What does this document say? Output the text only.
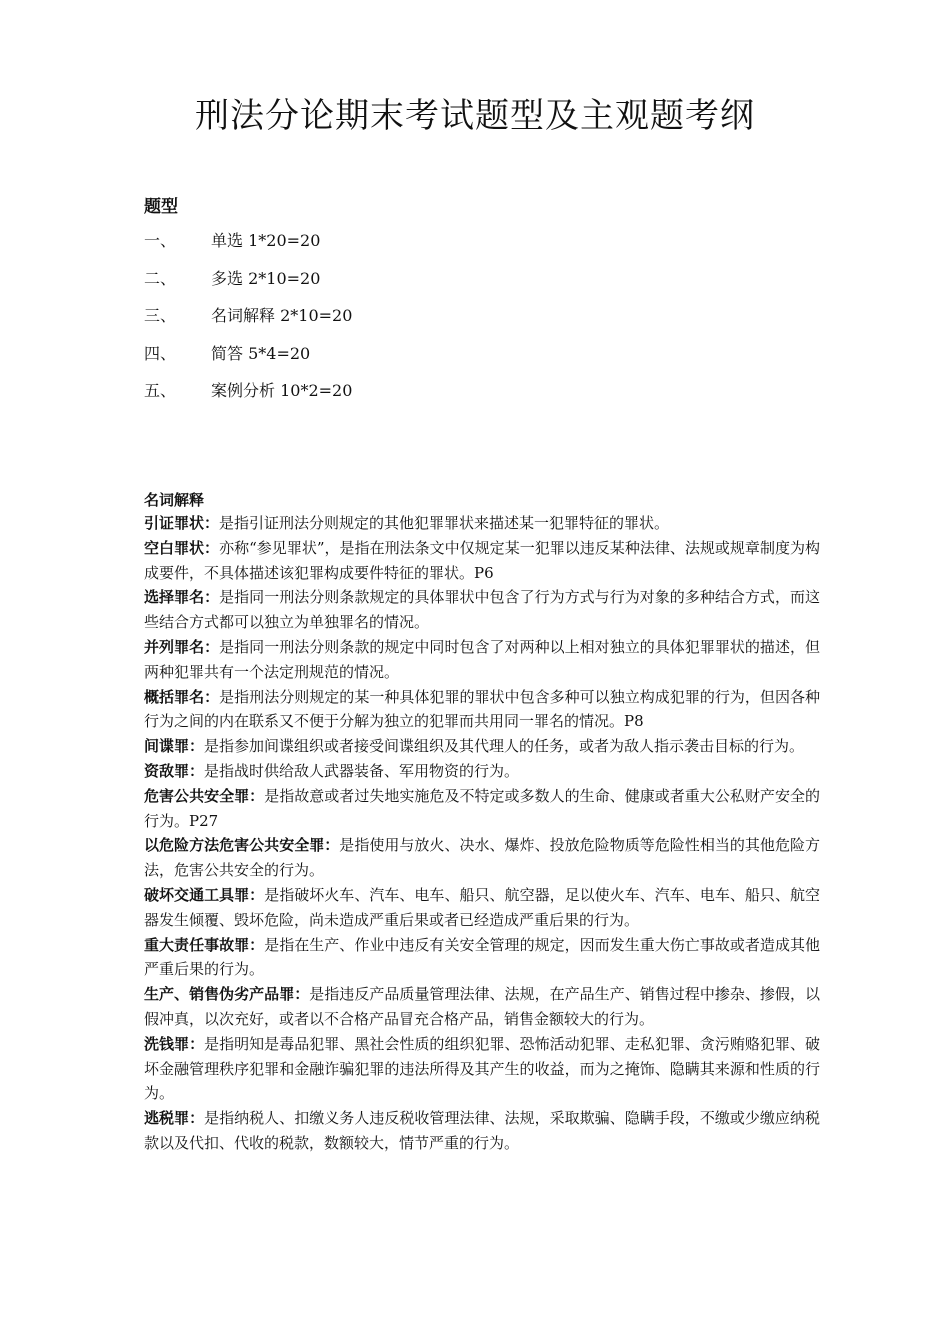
刑法分论期末考试题型及主观题考纲
题型
一、	单选 1*20=20
二、	多选 2*10=20
三、	名词解释 2*10=20
四、	简答 5*4=20
五、	案例分析 10*2=20
名词解释

引证罪状：是指引证刑法分则规定的其他犯罪罪状来描述某一犯罪特征的罪状。

空白罪状：亦称“参见罪状”，是指在刑法条文中仅规定某一犯罪以违反某种法律、法规或规章制度为构成要件，不具体描述该犯罪构成要件特征的罪状。P6

选择罪名：是指同一刑法分则条款规定的具体罪状中包含了行为方式与行为对象的多种结合方式，而这些结合方式都可以独立为单独罪名的情况。

并列罪名：是指同一刑法分则条款的规定中同时包含了对两种以上相对独立的具体犯罪罪状的描述，但两种犯罪共有一个法定刑规范的情况。

概括罪名：是指刑法分则规定的某一种具体犯罪的罪状中包含多种可以独立构成犯罪的行为，但因各种行为之间的内在联系又不便于分解为独立的犯罪而共用同一罪名的情况。P8

间谍罪：是指参加间谍组织或者接受间谍组织及其代理人的任务，或者为敌人指示袭击目标的行为。

资敌罪：是指战时供给敌人武器装备、军用物资的行为。

危害公共安全罪：是指故意或者过失地实施危及不特定或多数人的生命、健康或者重大公私财产安全的行为。P27

以危险方法危害公共安全罪：是指使用与放火、决水、爆炸、投放危险物质等危险性相当的其他危险方法，危害公共安全的行为。

破坏交通工具罪：是指破坏火车、汽车、电车、船只、航空器，足以使火车、汽车、电车、船只、航空器发生倾覆、毁坏危险，尚未造成严重后果或者已经造成严重后果的行为。

重大责任事故罪：是指在生产、作业中违反有关安全管理的规定，因而发生重大伤亡事故或者造成其他严重后果的行为。

生产、销售伪劣产品罪：是指违反产品质量管理法律、法规，在产品生产、销售过程中掺杂、掺假，以假冲真，以次充好，或者以不合格产品冒充合格产品，销售金额较大的行为。

洗钱罪：是指明知是毒品犯罪、黑社会性质的组织犯罪、恐怖活动犯罪、走私犯罪、贪污贿赂犯罪、破坏金融管理秩序犯罪和金融诈骗犯罪的违法所得及其产生的收益，而为之掩饰、隐瞒其来源和性质的行为。

逃税罪：是指纳税人、扣缴义务人违反税收管理法律、法规，采取欺骗、隐瞒手段，不缴或少缴应纳税款以及代扣、代收的税款，数额较大，情节严重的行为。
